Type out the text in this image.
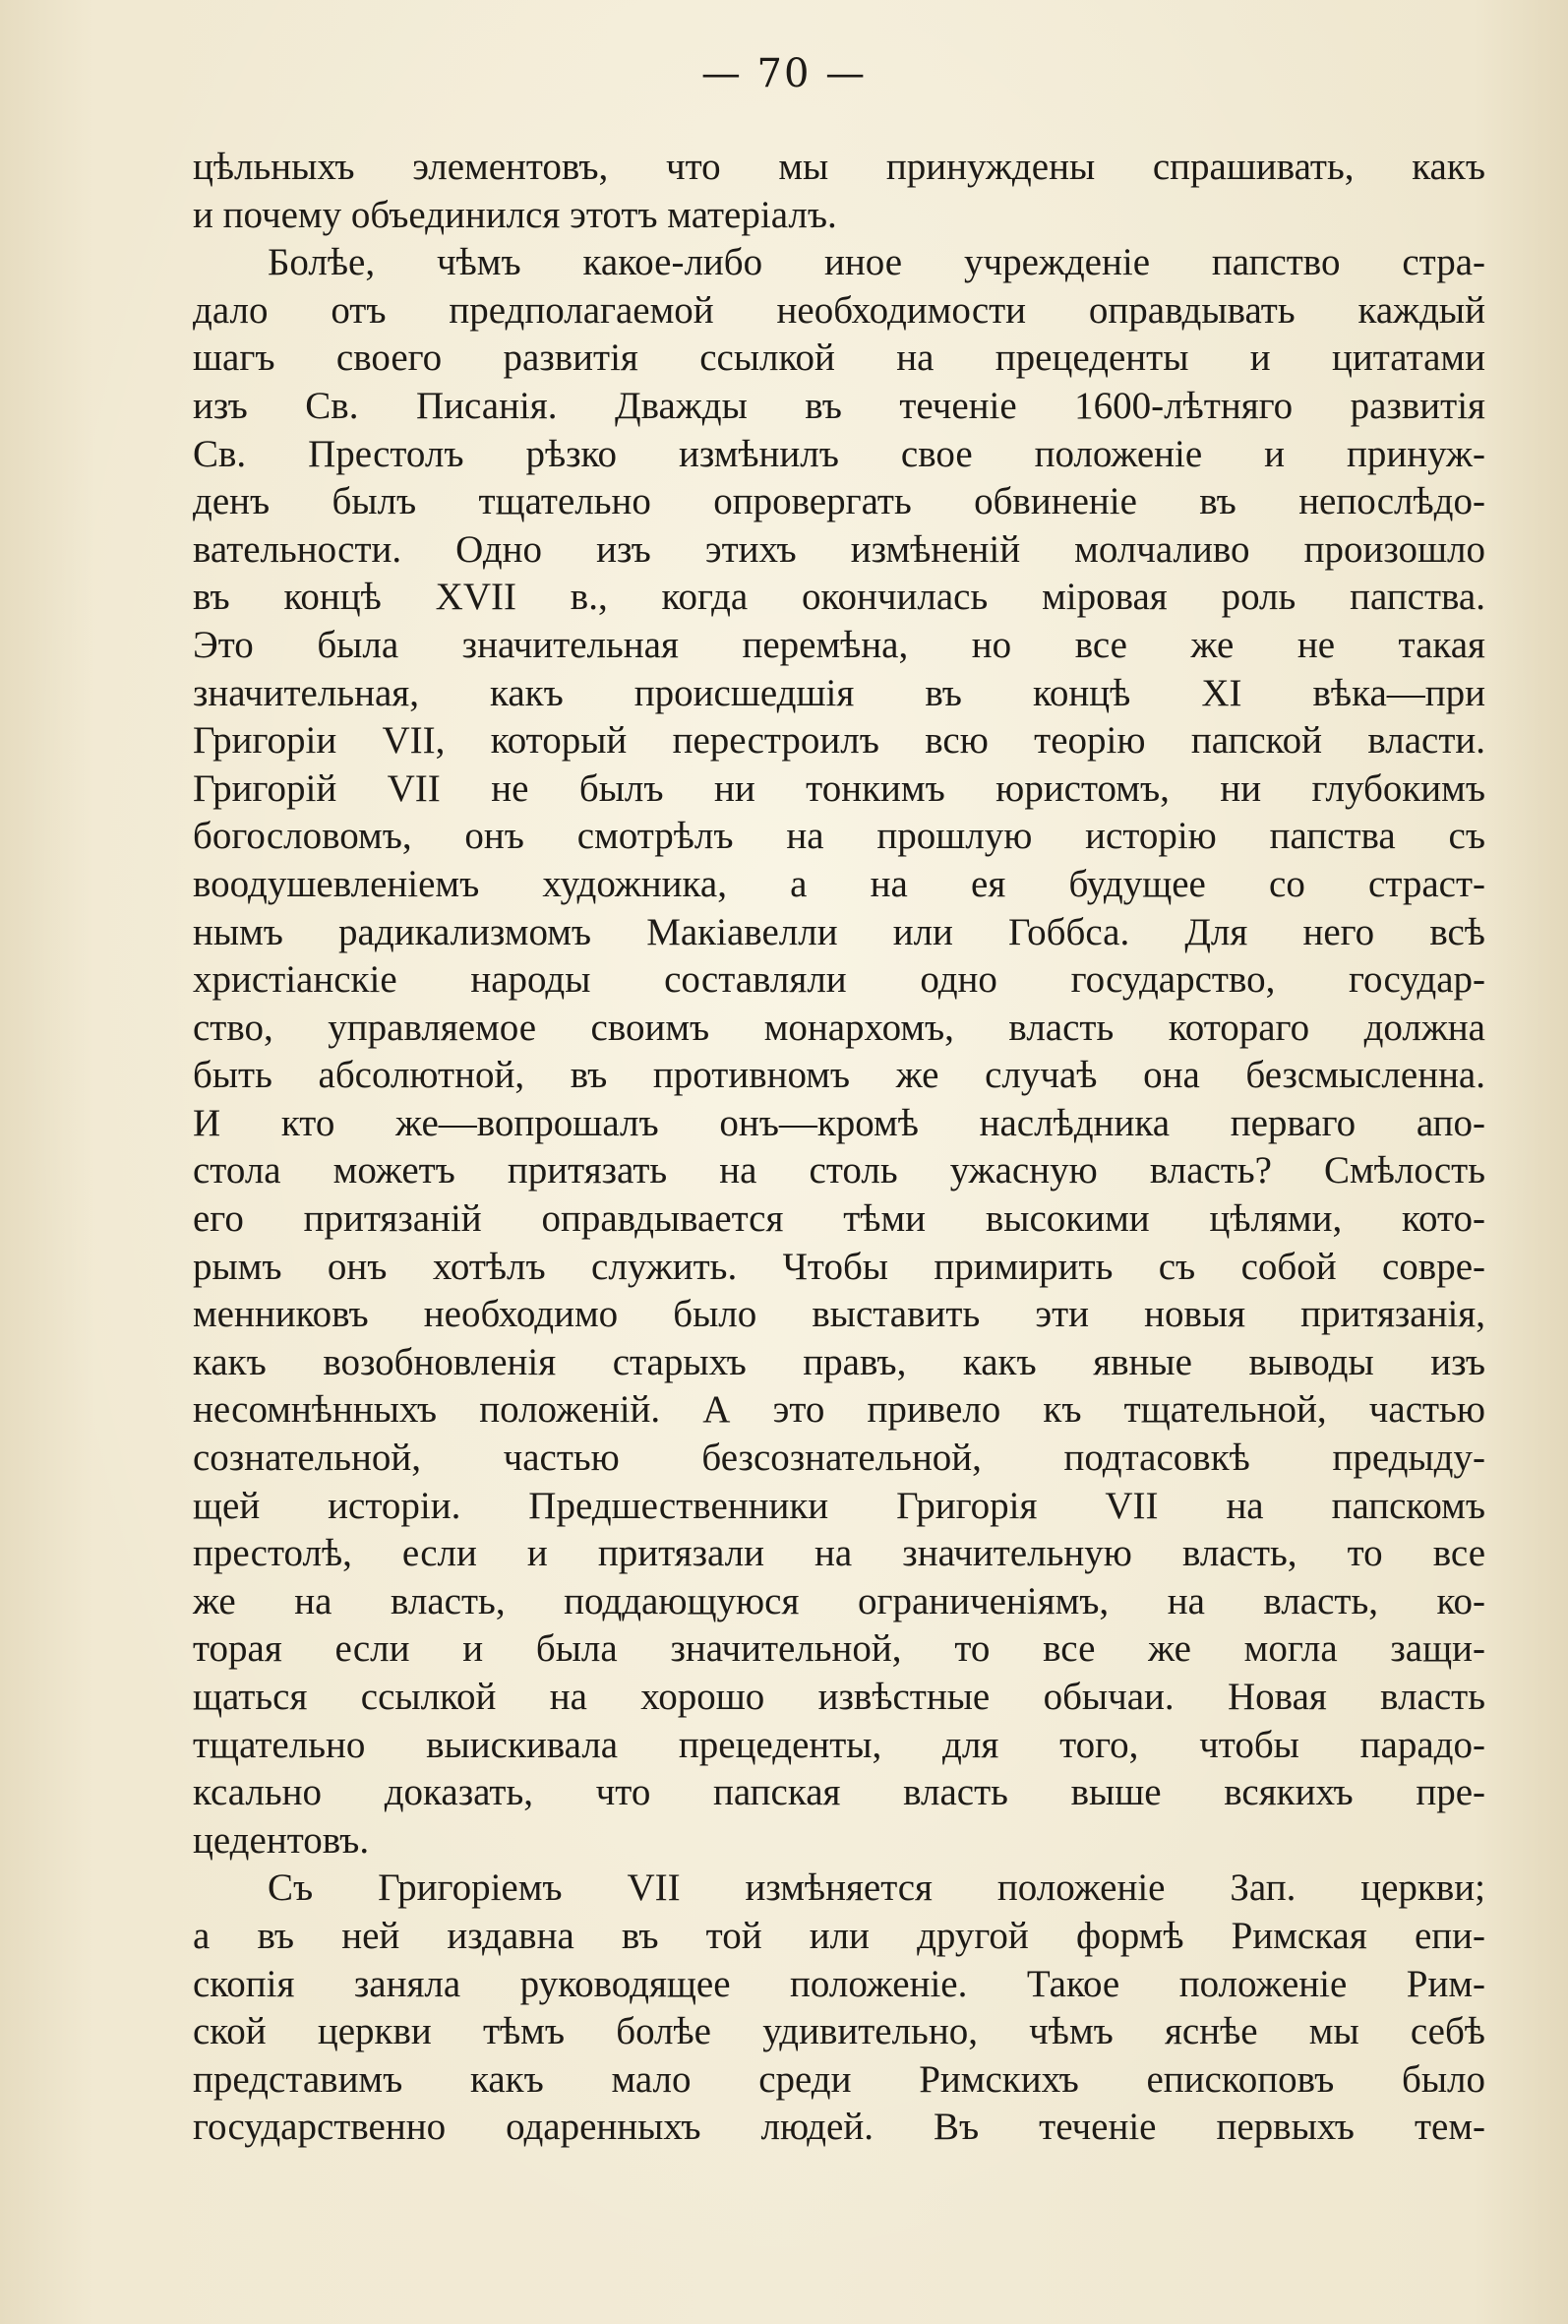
— 70 —
цѣльныхъ элементовъ, что мы принуждены спрашивать, какъ
и почему объединился этотъ матеріалъ.
Болѣе, чѣмъ какое-либо иное учрежденіе папство стра-
дало отъ предполагаемой необходимости оправдывать каждый
шагъ своего развитія ссылкой на прецеденты и цитатами
изъ Св. Писанія. Дважды въ теченіе 1600-лѣтняго развитія
Св. Престолъ рѣзко измѣнилъ свое положеніе и принуж-
денъ былъ тщательно опровергать обвиненіе въ непослѣдо-
вательности. Одно изъ этихъ измѣненій молчаливо произошло
въ концѣ XVII в., когда окончилась міровая роль папства.
Это была значительная перемѣна, но все же не такая
значительная, какъ происшедшія въ концѣ XI вѣка—при
Григоріи VII, который перестроилъ всю теорію папской власти.
Григорій VII не былъ ни тонкимъ юристомъ, ни глубокимъ
богословомъ, онъ смотрѣлъ на прошлую исторію папства съ
воодушевленіемъ художника, а на ея будущее со страст-
нымъ радикализмомъ Макіавелли или Гоббса. Для него всѣ
христіанскіе народы составляли одно государство, государ-
ство, управляемое своимъ монархомъ, власть котораго должна
быть абсолютной, въ противномъ же случаѣ она безсмысленна.
И кто же—вопрошалъ онъ—кромѣ наслѣдника перваго апо-
стола можетъ притязать на столь ужасную власть? Смѣлость
его притязаній оправдывается тѣми высокими цѣлями, кото-
рымъ онъ хотѣлъ служить. Чтобы примирить съ собой совре-
менниковъ необходимо было выставить эти новыя притязанія,
какъ возобновленія старыхъ правъ, какъ явные выводы изъ
несомнѣнныхъ положеній. А это привело къ тщательной, частью
сознательной, частью безсознательной, подтасовкѣ предыду-
щей исторіи. Предшественники Григорія VII на папскомъ
престолѣ, если и притязали на значительную власть, то все
же на власть, поддающуюся ограниченіямъ, на власть, ко-
торая если и была значительной, то все же могла защи-
щаться ссылкой на хорошо извѣстные обычаи. Новая власть
тщательно выискивала прецеденты, для того, чтобы парадо-
ксально доказать, что папская власть выше всякихъ пре-
цедентовъ.
Съ Григоріемъ VII измѣняется положеніе Зап. церкви;
а въ ней издавна въ той или другой формѣ Римская епи-
скопія заняла руководящее положеніе. Такое положеніе Рим-
ской церкви тѣмъ болѣе удивительно, чѣмъ яснѣе мы себѣ
представимъ какъ мало среди Римскихъ епископовъ было
государственно одаренныхъ людей. Въ теченіе первыхъ тем-
